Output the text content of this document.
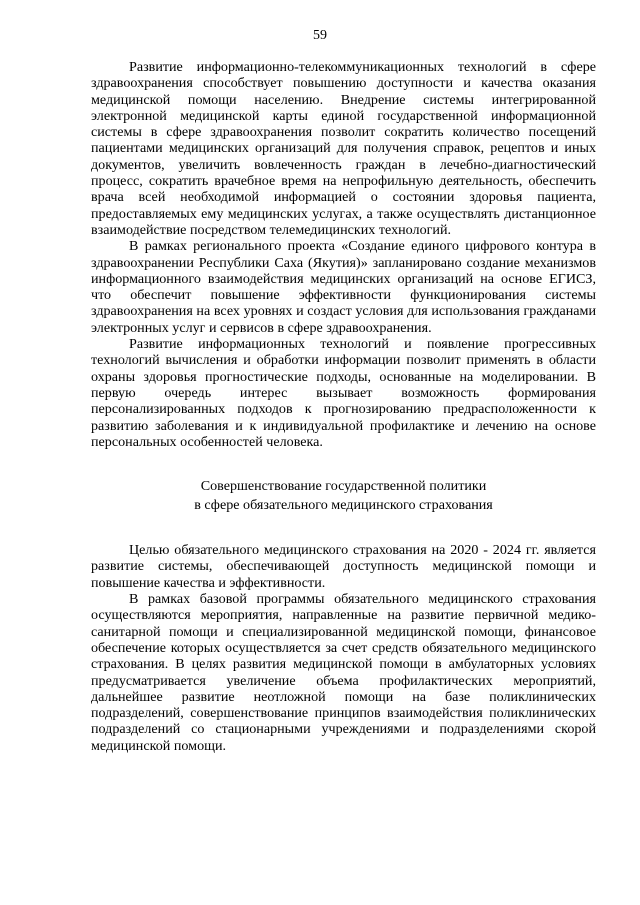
59

Развитие информационно-телекоммуникационных технологий в сфере здравоохранения способствует повышению доступности и качества оказания медицинской помощи населению. Внедрение системы интегрированной электронной медицинской карты единой государственной информационной системы в сфере здравоохранения позволит сократить количество посещений пациентами медицинских организаций для получения справок, рецептов и иных документов, увеличить вовлеченность граждан в лечебно-диагностический процесс, сократить врачебное время на непрофильную деятельность, обеспечить врача всей необходимой информацией о состоянии здоровья пациента, предоставляемых ему медицинских услугах, а также осуществлять дистанционное взаимодействие посредством телемедицинских технологий.

В рамках регионального проекта «Создание единого цифрового контура в здравоохранении Республики Саха (Якутия)» запланировано создание механизмов информационного взаимодействия медицинских организаций на основе ЕГИСЗ, что обеспечит повышение эффективности функционирования системы здравоохранения на всех уровнях и создаст условия для использования гражданами электронных услуг и сервисов в сфере здравоохранения.

Развитие информационных технологий и появление прогрессивных технологий вычисления и обработки информации позволит применять в области охраны здоровья прогностические подходы, основанные на моделировании. В первую очередь интерес вызывает возможность формирования персонализированных подходов к прогнозированию предрасположенности к развитию заболевания и к индивидуальной профилактике и лечению на основе персональных особенностей человека.

Совершенствование государственной политики
в сфере обязательного медицинского страхования

Целью обязательного медицинского страхования на 2020 - 2024 гг. является развитие системы, обеспечивающей доступность медицинской помощи и повышение качества и эффективности.

В рамках базовой программы обязательного медицинского страхования осуществляются мероприятия, направленные на развитие первичной медико-санитарной помощи и специализированной медицинской помощи, финансовое обеспечение которых осуществляется за счет средств обязательного медицинского страхования. В целях развития медицинской помощи в амбулаторных условиях предусматривается увеличение объема профилактических мероприятий, дальнейшее развитие неотложной помощи на базе поликлинических подразделений, совершенствование принципов взаимодействия поликлинических подразделений со стационарными учреждениями и подразделениями скорой медицинской помощи.
